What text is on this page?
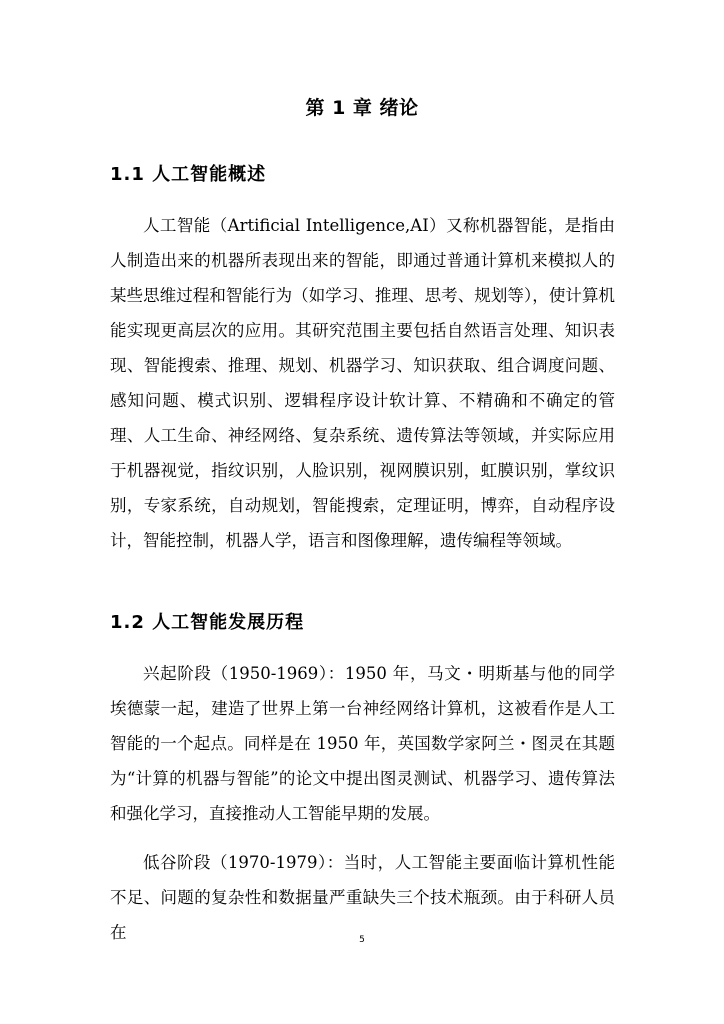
第 1 章 绪论
1.1 人工智能概述

人工智能（Artificial Intelligence,AI）又称机器智能，是指由人制造出来的机器所表现出来的智能，即通过普通计算机来模拟人的某些思维过程和智能行为（如学习、推理、思考、规划等），使计算机能实现更高层次的应用。其研究范围主要包括自然语言处理、知识表现、智能搜索、推理、规划、机器学习、知识获取、组合调度问题、感知问题、模式识别、逻辑程序设计软计算、不精确和不确定的管理、人工生命、神经网络、复杂系统、遗传算法等领域，并实际应用于机器视觉，指纹识别，人脸识别，视网膜识别，虹膜识别，掌纹识别，专家系统，自动规划，智能搜索，定理证明，博弈，自动程序设计，智能控制，机器人学，语言和图像理解，遗传编程等领域。

1.2 人工智能发展历程

兴起阶段（1950-1969）：1950 年，马文・明斯基与他的同学埃德蒙一起，建造了世界上第一台神经网络计算机，这被看作是人工智能的一个起点。同样是在 1950 年，英国数学家阿兰・图灵在其题为“计算的机器与智能”的论文中提出图灵测试、机器学习、遗传算法和强化学习，直接推动人工智能早期的发展。

低谷阶段（1970-1979）：当时，人工智能主要面临计算机性能不足、问题的复杂性和数据量严重缺失三个技术瓶颈。由于科研人员在	5
